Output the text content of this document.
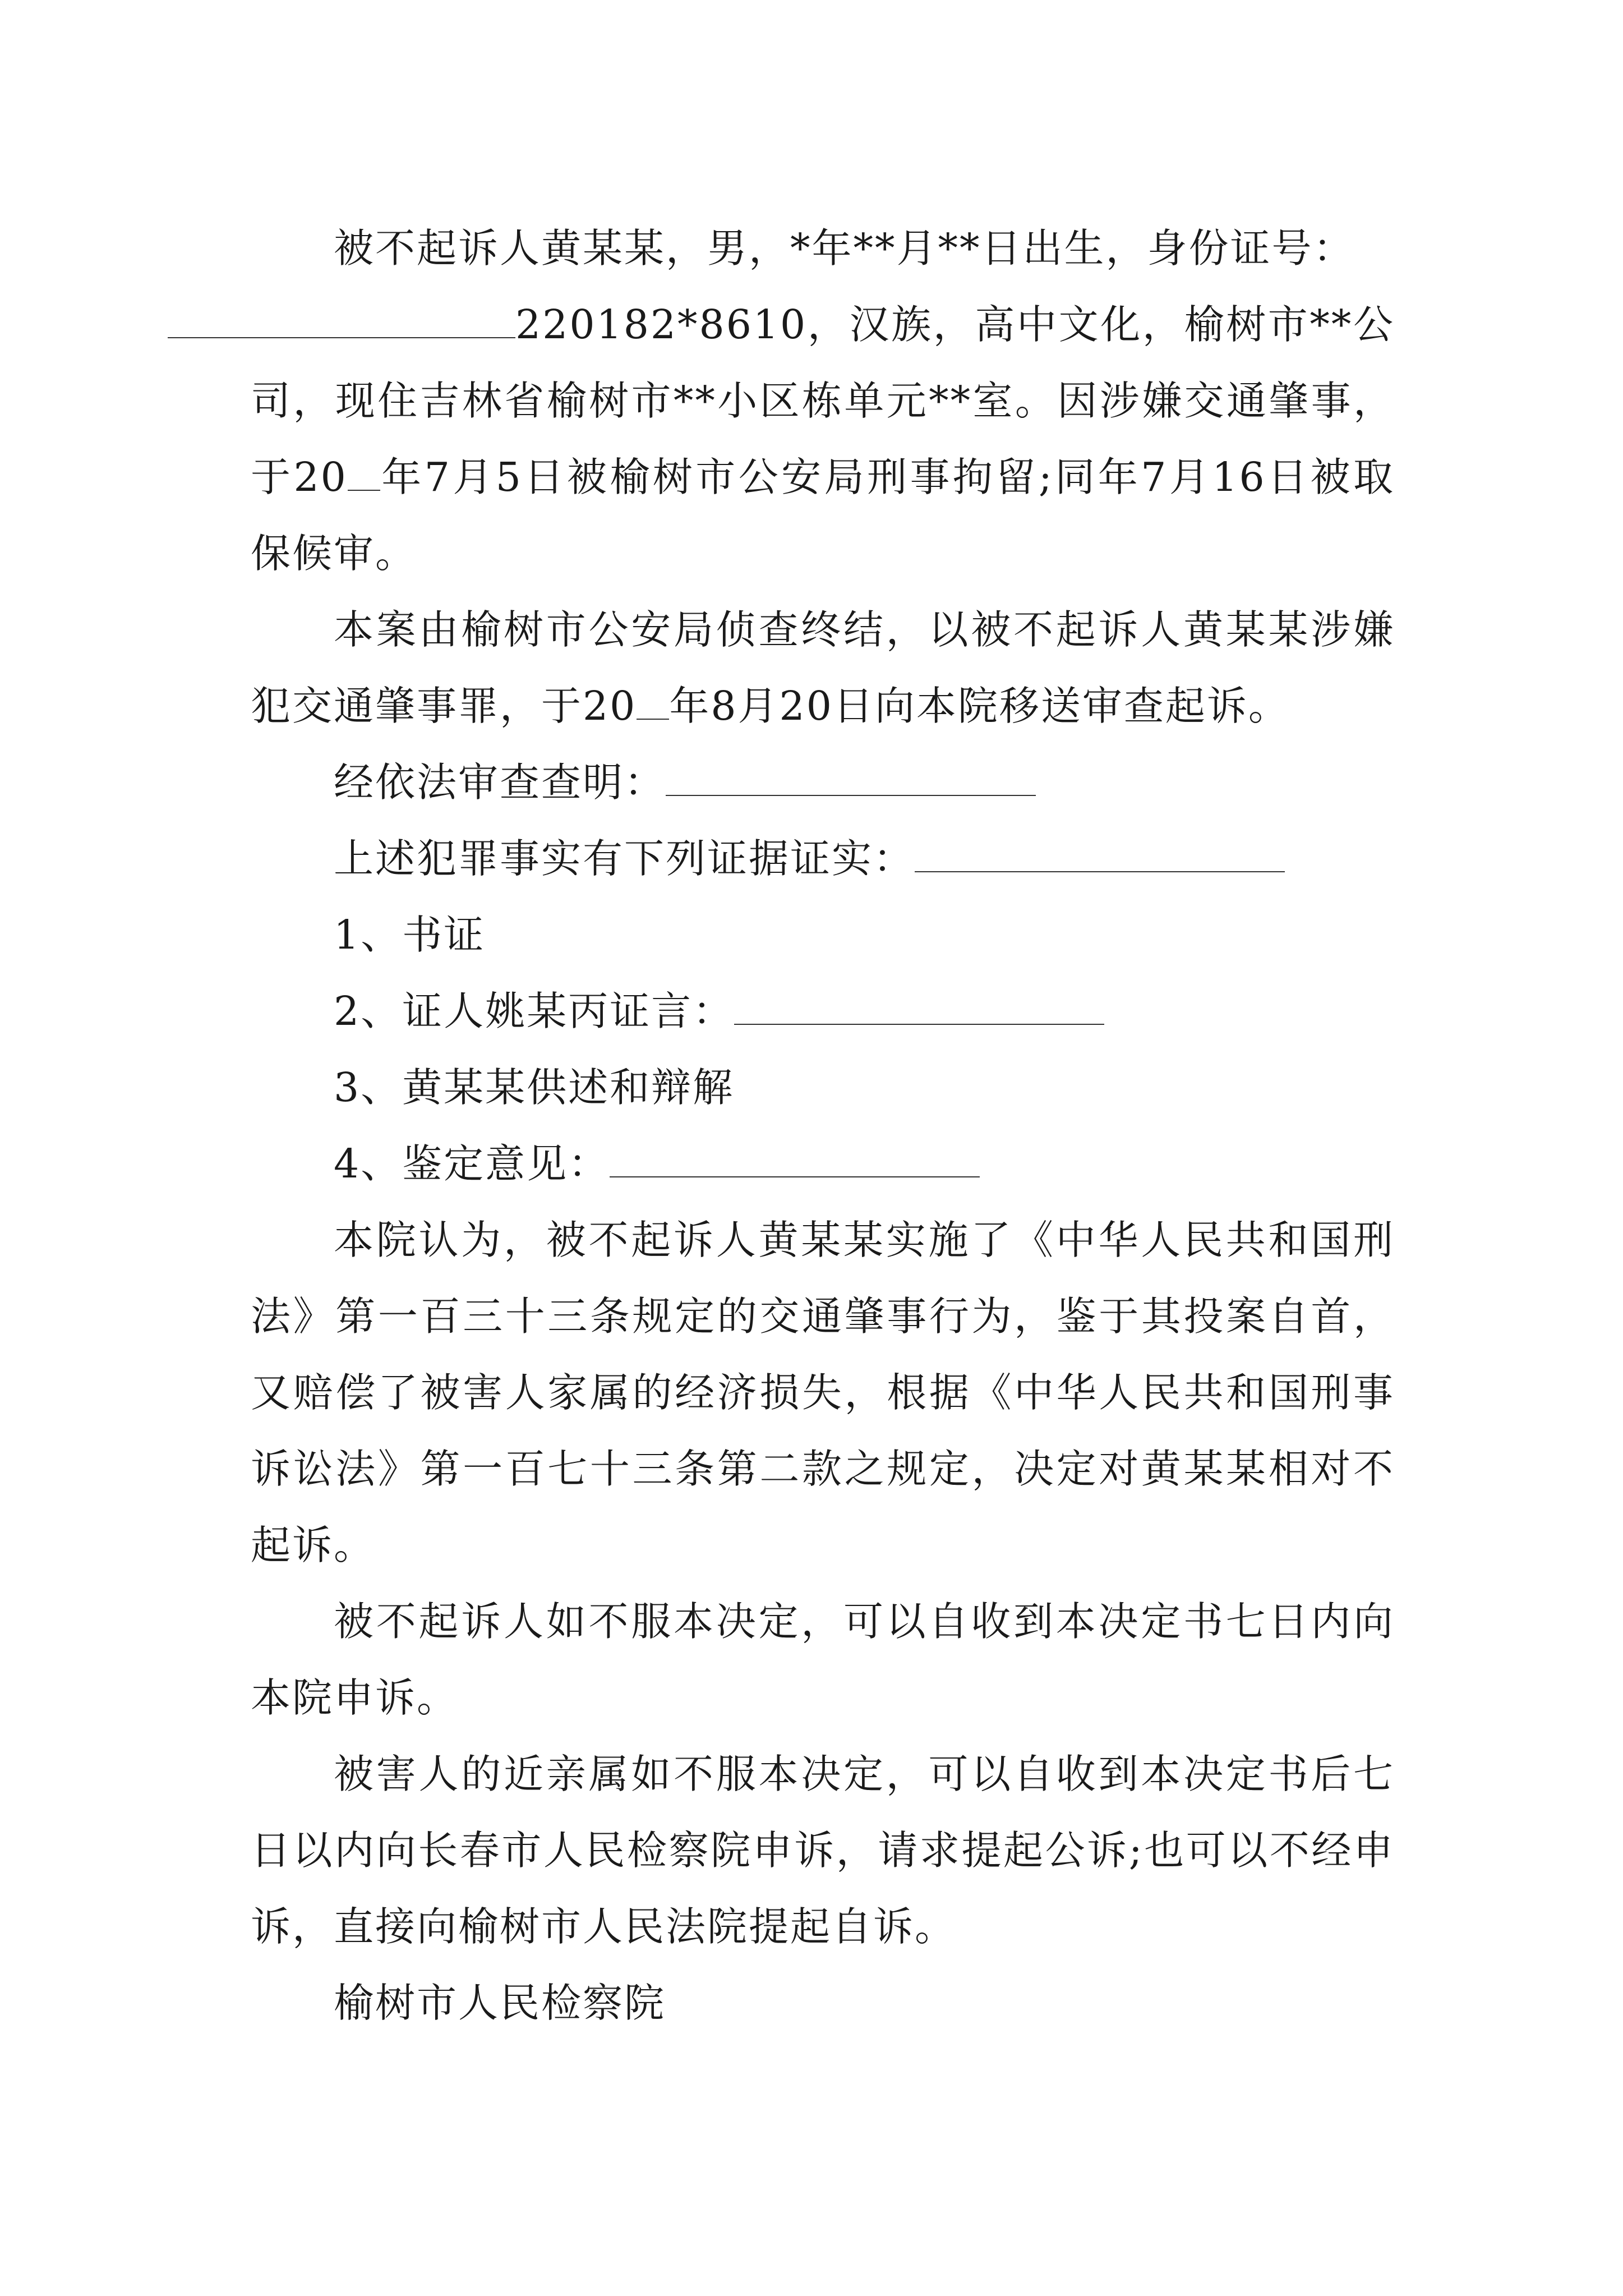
被不起诉人黄某某，男，*年**月**日出生，身份证号：
220182*8610，汉族，高中文化，榆树市**公司，现住吉林省榆树市**小区栋单元**室。因涉嫌交通肇事，于20 年7月5日被榆树市公安局刑事拘留;同年7月16日被取保候审。

本案由榆树市公安局侦查终结，以被不起诉人黄某某涉嫌犯交通肇事罪，于20 年8月20日向本院移送审查起诉。

经依法审查查明：

上述犯罪事实有下列证据证实：

1、书证

2、证人姚某丙证言：

3、黄某某供述和辩解

4、鉴定意见：

本院认为，被不起诉人黄某某实施了《中华人民共和国刑法》第一百三十三条规定的交通肇事行为，鉴于其投案自首，又赔偿了被害人家属的经济损失，根据《中华人民共和国刑事诉讼法》第一百七十三条第二款之规定，决定对黄某某相对不起诉。

被不起诉人如不服本决定，可以自收到本决定书七日内向本院申诉。

被害人的近亲属如不服本决定，可以自收到本决定书后七日以内向长春市人民检察院申诉，请求提起公诉;也可以不经申诉，直接向榆树市人民法院提起自诉。

榆树市人民检察院
